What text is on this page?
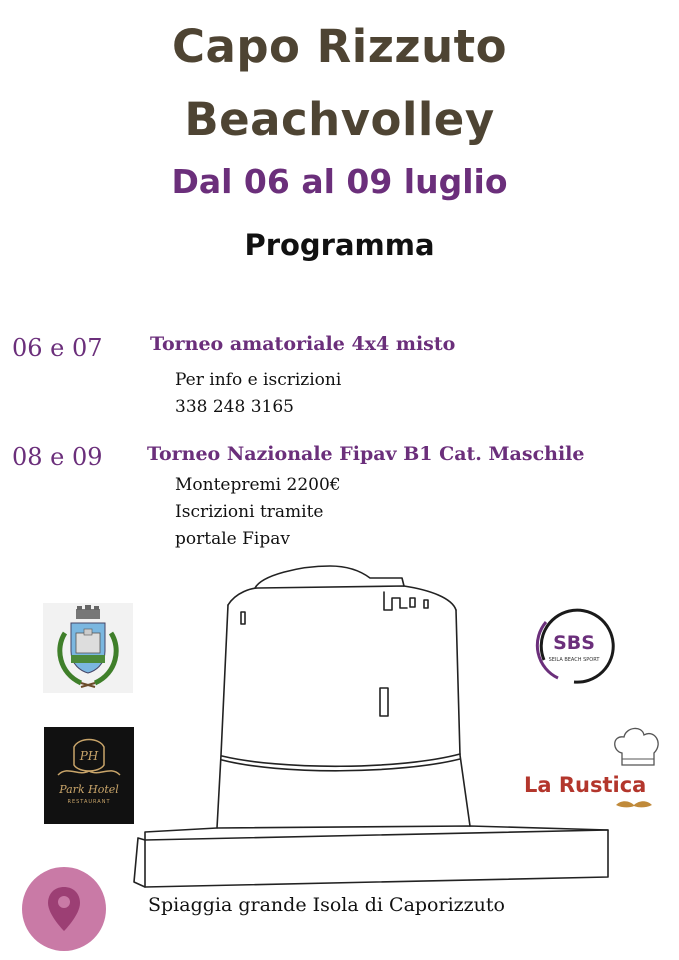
Capo Rizzuto
Beachvolley
Dal 06 al 09 luglio
Programma
06 e 07 Torneo amatoriale 4x4 misto
Per info e iscrizioni
338 248 3165
08 e 09 Torneo Nazionale Fipav B1 Cat. Maschile
Montepremi 2200€
Iscrizioni tramite
portale Fipav
PH
Park Hotel
RESTAURANT
SBS
SEILA BEACH SPORT
La Rustica
Spiaggia grande Isola di Caporizzuto
